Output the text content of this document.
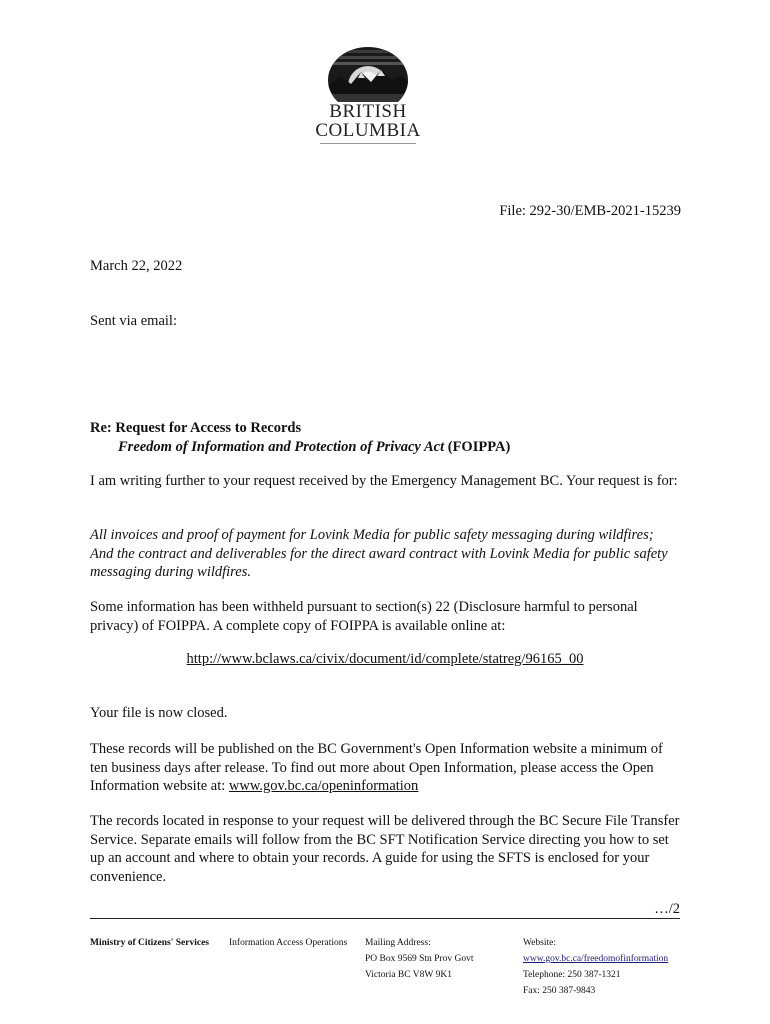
BRITISH
COLUMBIA
File: 292-30/EMB-2021-15239
March 22, 2022
Sent via email:
Re: Request for Access to Records
Freedom of Information and Protection of Privacy Act (FOIPPA)
I am writing further to your request received by the Emergency Management BC. Your request is for:
All invoices and proof of payment for Lovink Media for public safety messaging during wildfires; And the contract and deliverables for the direct award contract with Lovink Media for public safety messaging during wildfires.
Some information has been withheld pursuant to section(s) 22 (Disclosure harmful to personal privacy) of FOIPPA. A complete copy of FOIPPA is available online at:
http://www.bclaws.ca/civix/document/id/complete/statreg/96165_00
Your file is now closed.
These records will be published on the BC Government's Open Information website a minimum of ten business days after release. To find out more about Open Information, please access the Open Information website at: www.gov.bc.ca/openinformation
The records located in response to your request will be delivered through the BC Secure File Transfer Service. Separate emails will follow from the BC SFT Notification Service directing you how to set up an account and where to obtain your records. A guide for using the SFTS is enclosed for your convenience.
…/2
Ministry of Citizens' Services Information Access Operations Mailing Address:
PO Box 9569 Stn Prov Govt
Victoria BC V8W 9K1
Website:
www.gov.bc.ca/freedomofinformation
Telephone: 250 387-1321
Fax: 250 387-9843
